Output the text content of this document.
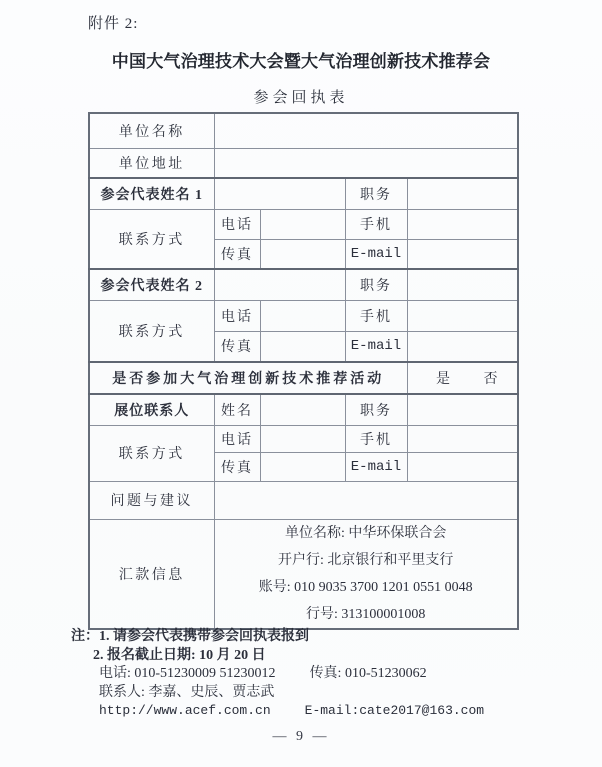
附件 2:
中国大气治理技术大会暨大气治理创新技术推荐会
参会回执表
单位名称				
单位地址				
参会代表姓名 1			职务	
联系方式	电话		手机	
	传真		E-mail	
参会代表姓名 2			职务	
联系方式	电话		手机	
	传真		E-mail	
是否参加大气治理创新技术推荐活动				是 否
展位联系人	姓名		职务	
联系方式	电话		手机	
	传真		E-mail	
问题与建议				
汇款信息	单位名称: 中华环保联合会
开户行: 北京银行和平里支行
账号: 010 9035 3700 1201 0551 0048
行号: 313100001008			
注：1. 请参会代表携带参会回执表报到
2. 报名截止日期: 10 月 20 日
电话: 010-51230009 51230012 传真: 010-51230062
联系人: 李嘉、史辰、贾志武
http://www.acef.com.cn	E-mail:cate2017@163.com
— 9 —
